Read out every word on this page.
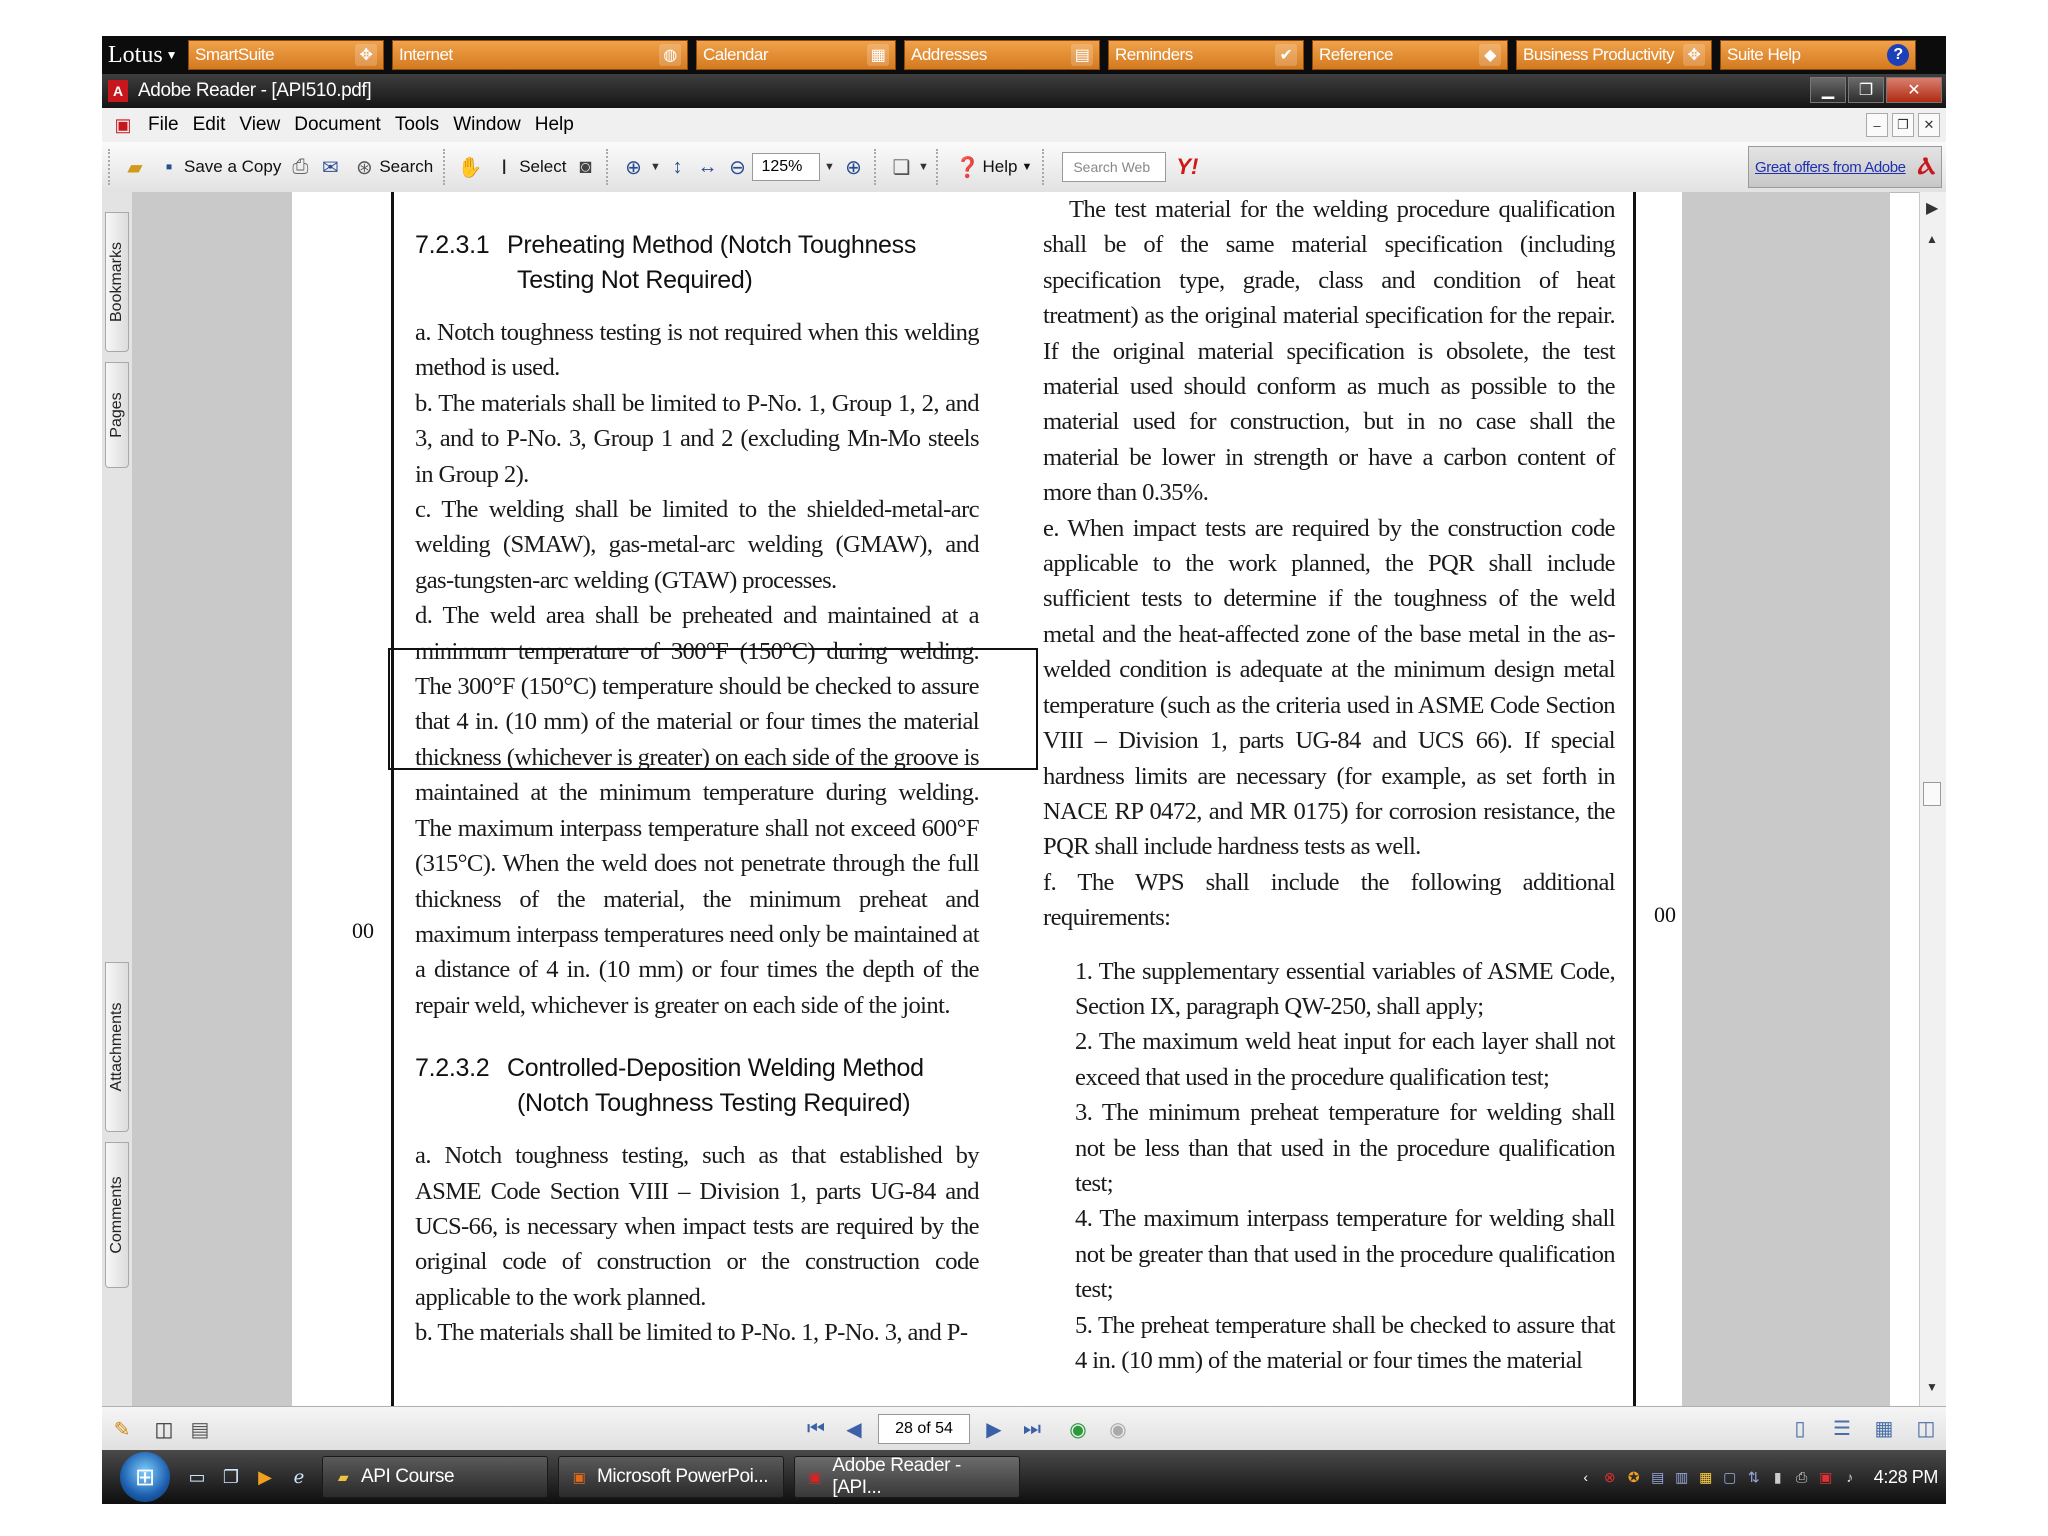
Lotus ▼ SmartSuite	✥ Internet	◍ Calendar	▦ Addresses	▤ Reminders	✔ Reference	◆ Business Productivity ✥ Suite Help	?
A Adobe Reader - [API510.pdf]	▁	❐	✕
▣ File Edit View Document Tools Window Help	–	❐	✕
▰	▪ Save a Copy ⎙ ✉ ⊛ Search ✋ Ⅰ Select ◙	⊕ ▼ ↕ ↔ ⊖ 125%	▼ ⊕	❏ ▼ ❓ Help ▼	Search Web	Y!	Great offers from Adobe Ⲁ
Bookmarks
Pages
Attachments
Comments
00
00
7.2.3.1 Preheating Method (Notch Toughness
Testing Not Required)

a. Notch toughness testing is not required when this welding method is used.

b. The materials shall be limited to P-No. 1, Group 1, 2, and 3, and to P-No. 3, Group 1 and 2 (excluding Mn-Mo steels in Group 2).

c. The welding shall be limited to the shielded-metal-arc welding (SMAW), gas-metal-arc welding (GMAW), and gas-tungsten-arc welding (GTAW) processes.

d. The weld area shall be preheated and maintained at a minimum temperature of 300°F (150°C) during welding. The 300°F (150°C) temperature should be checked to assure that 4 in. (10 mm) of the material or four times the material thickness (whichever is greater) on each side of the groove is maintained at the minimum temperature during welding. The maximum interpass temperature shall not exceed 600°F (315°C). When the weld does not penetrate through the full thickness of the material, the minimum preheat and maximum interpass temperatures need only be maintained at a distance of 4 in. (10 mm) or four times the depth of the repair weld, whichever is greater on each side of the joint.

7.2.3.2 Controlled-Deposition Welding Method
(Notch Toughness Testing Required)

a. Notch toughness testing, such as that established by ASME Code Section VIII – Division 1, parts UG-84 and UCS-66, is necessary when impact tests are required by the original code of construction or the construction code applicable to the work planned.

b. The materials shall be limited to P-No. 1, P-No. 3, and P-

The test material for the welding procedure qualification shall be of the same material specification (including specification type, grade, class and condition of heat treatment) as the original material specification for the repair. If the original material specification is obsolete, the test material used should conform as much as possible to the material used for construction, but in no case shall the material be lower in strength or have a carbon content of more than 0.35%.

e. When impact tests are required by the construction code applicable to the work planned, the PQR shall include sufficient tests to determine if the toughness of the weld metal and the heat-affected zone of the base metal in the as-welded condition is adequate at the minimum design metal temperature (such as the criteria used in ASME Code Section VIII – Division 1, parts UG-84 and UCS 66). If special hardness limits are necessary (for example, as set forth in NACE RP 0472, and MR 0175) for corrosion resistance, the PQR shall include hardness tests as well.

f. The WPS shall include the following additional requirements:

1. The supplementary essential variables of ASME Code, Section IX, paragraph QW-250, shall apply;

2. The maximum weld heat input for each layer shall not exceed that used in the procedure qualification test;

3. The minimum preheat temperature for welding shall not be less than that used in the procedure qualification test;

4. The maximum interpass temperature for welding shall not be greater than that used in the procedure qualification test;

5. The preheat temperature shall be checked to assure that 4 in. (10 mm) of the material or four times the material

▶
▲
▼
✎ ◫ ▤	⏮	◀	28 of 54	▶	⏭ ◉ ◉	▯	☰ ▦ ◫
⊞	▭ ❐	▶	ℯ	▰ API Course	▣ Microsoft PowerPoi...	▣
Adobe Reader - [API...	‹	⊗ ✪ ▤ ▥ ▦ ▢ ⇅	▮	⎙ ▣ ♪	4:28 PM
